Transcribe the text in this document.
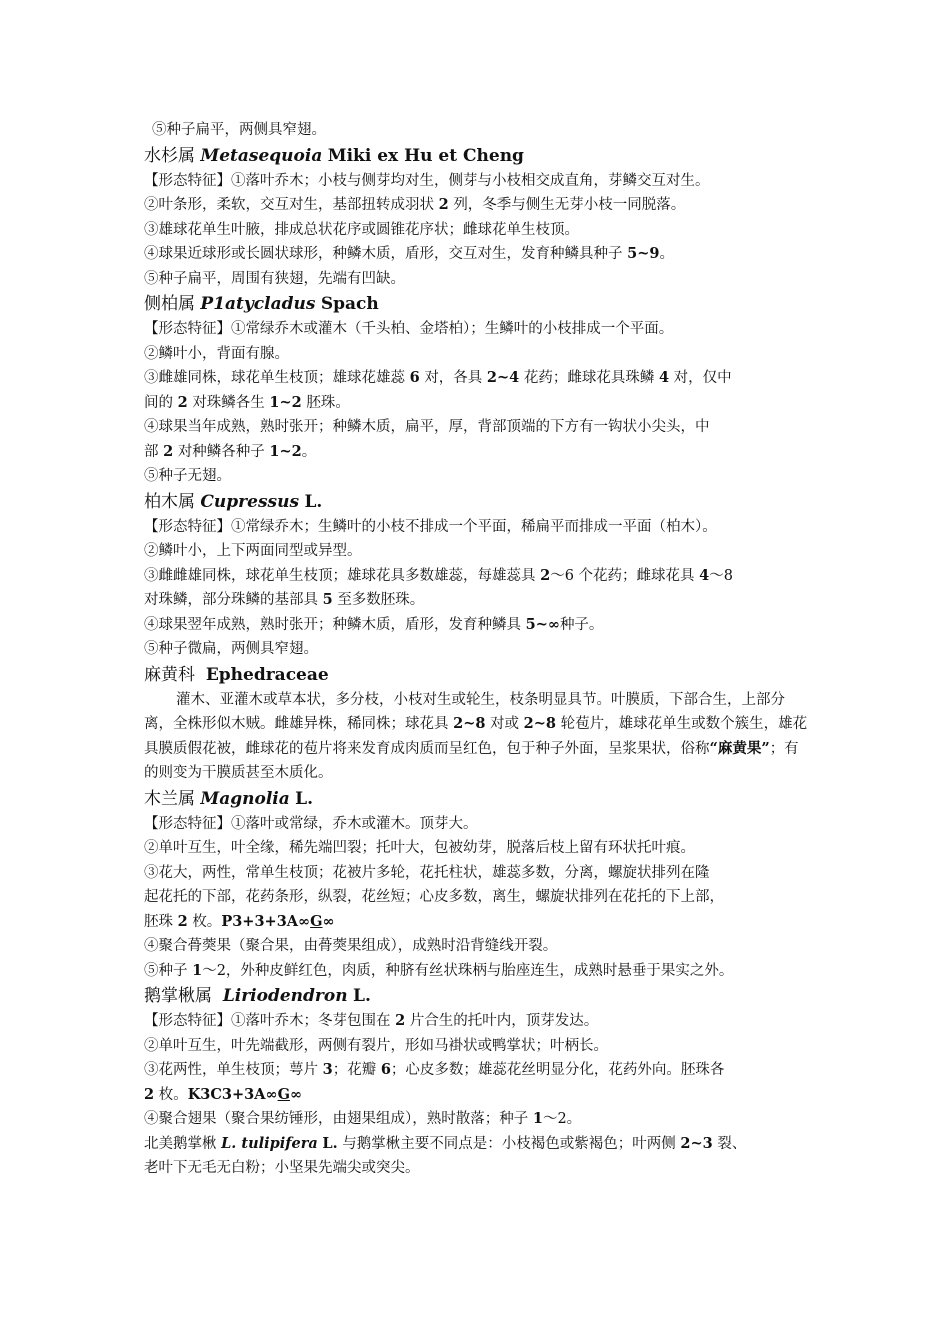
⑤种子扁平，两侧具窄翅。

水杉属 Metasequoia Miki ex Hu et Cheng

【形态特征】①落叶乔木；小枝与侧芽均对生，侧芽与小枝相交成直角，芽鳞交互对生。

②叶条形，柔软，交互对生，基部扭转成羽状 2 列，冬季与侧生无芽小枝一同脱落。

③雄球花单生叶腋，排成总状花序或圆锥花序状；雌球花单生枝顶。

④球果近球形或长圆状球形，种鳞木质，盾形，交互对生，发育种鳞具种子 5~9。

⑤种子扁平，周围有狭翅，先端有凹缺。

侧柏属 P1atycladus Spach

【形态特征】①常绿乔木或灌木（千头柏、金塔柏）；生鳞叶的小枝排成一个平面。

②鳞叶小，背面有腺。

③雌雄同株，球花单生枝顶；雄球花雄蕊 6 对，各具 2~4 花药；雌球花具珠鳞 4 对，仅中

间的 2 对珠鳞各生 1~2 胚珠。

④球果当年成熟，熟时张开；种鳞木质，扁平，厚，背部顶端的下方有一钩状小尖头，中

部 2 对种鳞各种子 1~2。

⑤种子无翅。

柏木属 Cupressus L.

【形态特征】①常绿乔木；生鳞叶的小枝不排成一个平面，稀扁平而排成一平面（柏木）。

②鳞叶小，上下两面同型或异型。

③雌雌雄同株，球花单生枝顶；雄球花具多数雄蕊，每雄蕊具 2～6 个花药；雌球花具 4～8

对珠鳞，部分珠鳞的基部具 5 至多数胚珠。

④球果翌年成熟，熟时张开；种鳞木质，盾形，发育种鳞具 5~∞种子。

⑤种子微扁，两侧具窄翅。

麻黄科 Ephedraceae

灌木、亚灌木或草本状，多分枝，小枝对生或轮生，枝条明显具节。叶膜质，下部合生，上部分离，全株形似木贼。雌雄异株，稀同株；球花具 2~8 对或 2~8 轮苞片，雄球花单生或数个簇生，雄花具膜质假花被，雌球花的苞片将来发育成肉质而呈红色，包于种子外面，呈浆果状，俗称“麻黄果”；有的则变为干膜质甚至木质化。

木兰属 Magnolia L.

【形态特征】①落叶或常绿，乔木或灌木。顶芽大。

②单叶互生，叶全缘，稀先端凹裂；托叶大，包被幼芽，脱落后枝上留有环状托叶痕。

③花大，两性，常单生枝顶；花被片多轮，花托柱状，雄蕊多数，分离，螺旋状排列在隆

起花托的下部，花药条形，纵裂，花丝短；心皮多数，离生，螺旋状排列在花托的下上部，

胚珠 2 枚。P3+3+3A∞G∞

④聚合蓇葖果（聚合果，由蓇葖果组成），成熟时沿背缝线开裂。

⑤种子 1～2，外种皮鲜红色，肉质，种脐有丝状珠柄与胎座连生，成熟时悬垂于果实之外。

鹅掌楸属 Liriodendron L.

【形态特征】①落叶乔木；冬芽包围在 2 片合生的托叶内，顶芽发达。

②单叶互生，叶先端截形，两侧有裂片，形如马褂状或鸭掌状；叶柄长。

③花两性，单生枝顶；萼片 3；花瓣 6；心皮多数；雄蕊花丝明显分化，花药外向。胚珠各

2 枚。K3C3+3A∞G∞

④聚合翅果（聚合果纺锤形，由翅果组成），熟时散落；种子 1～2。

北美鹅掌楸 L. tulipifera L. 与鹅掌楸主要不同点是：小枝褐色或紫褐色；叶两侧 2~3 裂、

老叶下无毛无白粉；小坚果先端尖或突尖。
